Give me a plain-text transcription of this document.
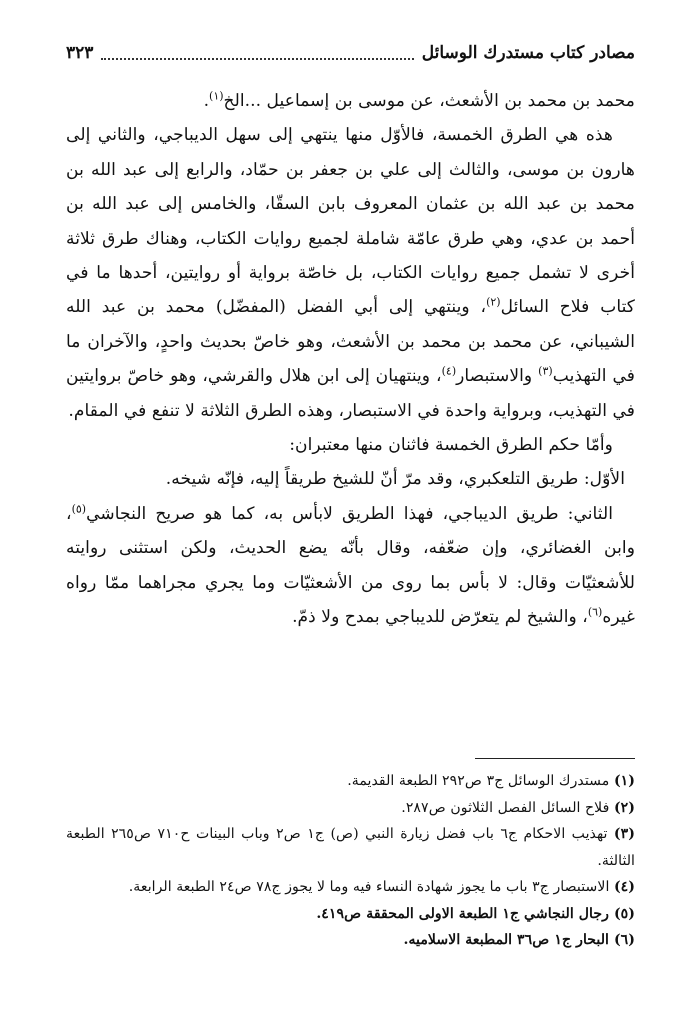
مصادر كتاب مستدرك الوسائل
٣٢٣

محمد بن محمد بن الأشعث، عن موسى بن إسماعيل ...الخ$^{(١)}$.

هذه هي الطرق الخمسة، فالأوّل منها ينتهي إلى سهل الديباجي، والثاني إلى هارون بن موسى، والثالث إلى علي بن جعفر بن حمّاد، والرابع إلى عبد الله بن محمد بن عبد الله بن عثمان المعروف بابن السقّا، والخامس إلى عبد الله بن أحمد بن عدي، وهي طرق عامّة شاملة لجميع روايات الكتاب، وهناك طرق ثلاثة أخرى لا تشمل جميع روايات الكتاب، بل خاصّة برواية أو روايتين، أحدها ما في كتاب فلاح السائل$^{(٢)}$، وينتهي إلى أبي الفضل (المفضّل) محمد بن عبد الله الشيباني، عن محمد بن محمد بن الأشعث، وهو خاصّ بحديث واحدٍ، والآخران ما في التهذيب$^{(٣)}$ والاستبصار$^{(٤)}$، وينتهيان إلى ابن هلال والقرشي، وهو خاصّ بروايتين في التهذيب، وبرواية واحدة في الاستبصار، وهذه الطرق الثلاثة لا تنفع في المقام.

وأمّا حكم الطرق الخمسة فاثنان منها معتبران:

الأوّل: طريق التلعكبري، وقد مرّ أنّ للشيخ طريقاً إليه، فإنّه شيخه.

الثاني: طريق الديباجي، فهذا الطريق لابأس به، كما هو صريح النجاشي$^{(٥)}$، وابن الغضائري، وإن ضعّفه، وقال بأنّه يضع الحديث، ولكن استثنى روايته للأشعثيّات وقال: لا بأس بما روى من الأشعثيّات وما يجري مجراهما ممّا رواه غيره$^{(٦)}$، والشيخ لم يتعرّض للديباجي بمدح ولا ذمّ.

(١) مستدرك الوسائل ج٣ ص٢٩٢ الطبعة القديمة.

(٢) فلاح السائل الفصل الثلاثون ص٢٨٧.

(٣) تهذيب الاحكام ج٦ باب فضل زيارة النبي (ص) ج١ ص٢ وباب البينات ح٧١٠ ص٢٦٥ الطبعة الثالثة.

(٤) الاستبصار ج٣ باب ما يجوز شهادة النساء فيه وما لا يجوز ج٧٨ ص٢٤ الطبعة الرابعة.

(٥) رجال النجاشي ج١ الطبعة الاولى المحققة ص٤١٩.

(٦) البحار ج١ ص٣٦ المطبعة الاسلاميه.
